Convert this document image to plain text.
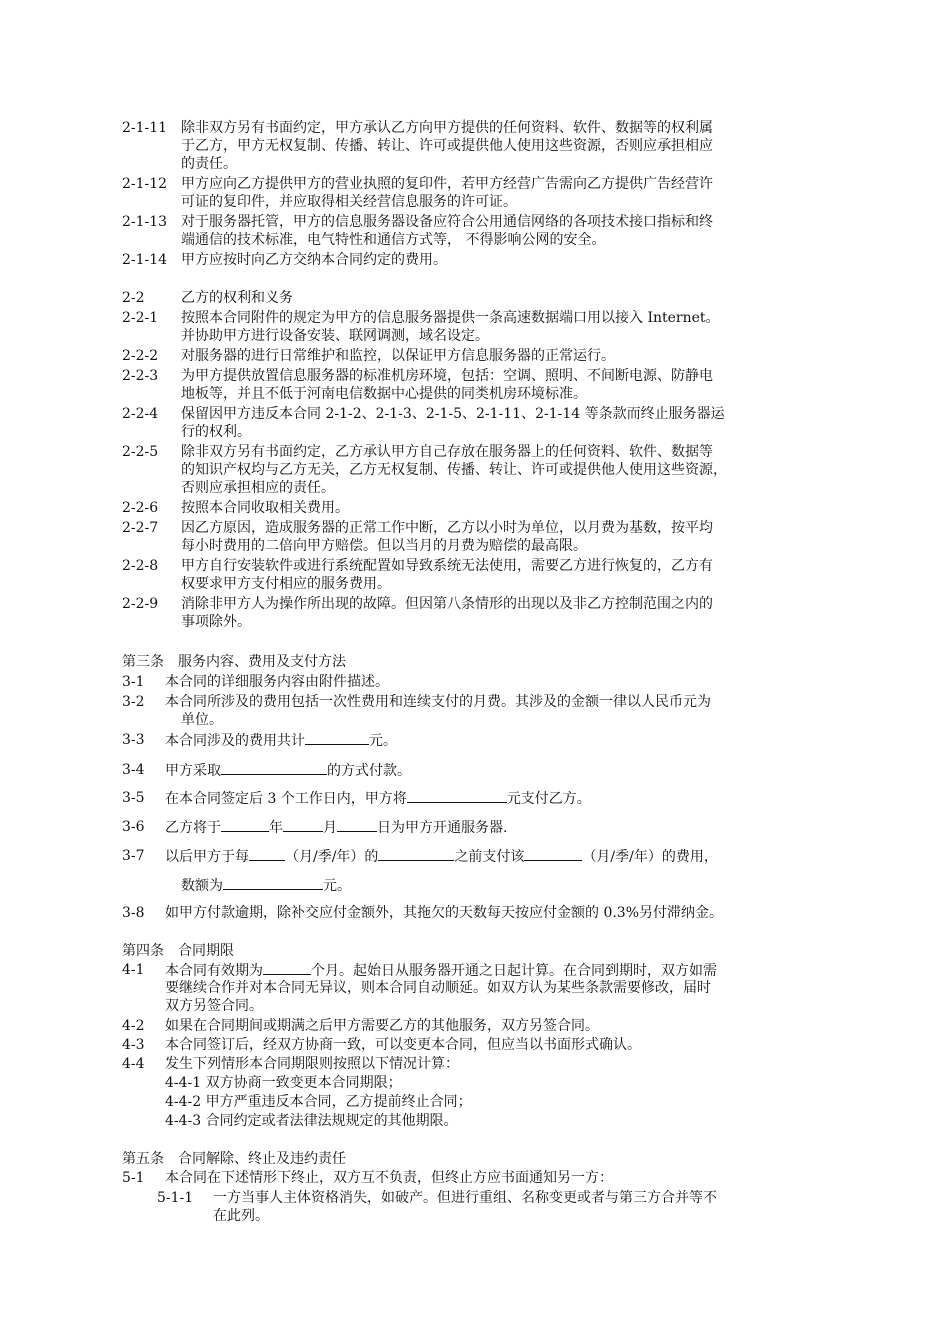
2-1-11 除非双方另有书面约定，甲方承认乙方向甲方提供的任何资料、软件、数据等的权利属
于乙方，甲方无权复制、传播、转让、许可或提供他人使用这些资源，否则应承担相应
的责任。
2-1-12 甲方应向乙方提供甲方的营业执照的复印件，若甲方经营广告需向乙方提供广告经营许
可证的复印件，并应取得相关经营信息服务的许可证。
2-1-13 对于服务器托管，甲方的信息服务器设备应符合公用通信网络的各项技术接口指标和终
端通信的技术标准，电气特性和通信方式等， 不得影响公网的安全。
2-1-14 甲方应按时向乙方交纳本合同约定的费用。
2-2	乙方的权利和义务
2-2-1 按照本合同附件的规定为甲方的信息服务器提供一条高速数据端口用以接入 Internet。
并协助甲方进行设备安装、联网调测，域名设定。
2-2-2 对服务器的进行日常维护和监控，以保证甲方信息服务器的正常运行。
2-2-3 为甲方提供放置信息服务器的标准机房环境，包括：空调、照明、不间断电源、防静电
地板等，并且不低于河南电信数据中心提供的同类机房环境标准。
2-2-4 保留因甲方违反本合同 2-1-2、2-1-3、2-1-5、2-1-11、2-1-14 等条款而终止服务器运
行的权利。
2-2-5 除非双方另有书面约定，乙方承认甲方自己存放在服务器上的任何资料、软件、数据等
的知识产权均与乙方无关，乙方无权复制、传播、转让、许可或提供他人使用这些资源，
否则应承担相应的责任。
2-2-6 按照本合同收取相关费用。
2-2-7 因乙方原因，造成服务器的正常工作中断，乙方以小时为单位，以月费为基数，按平均
每小时费用的二倍向甲方赔偿。但以当月的月费为赔偿的最高限。
2-2-8 甲方自行安装软件或进行系统配置如导致系统无法使用，需要乙方进行恢复的，乙方有
权要求甲方支付相应的服务费用。
2-2-9 消除非甲方人为操作所出现的故障。但因第八条情形的出现以及非乙方控制范围之内的
事项除外。
第三条　服务内容、费用及支付方法
3-1 本合同的详细服务内容由附件描述。
3-2 本合同所涉及的费用包括一次性费用和连续支付的月费。其涉及的金额一律以人民币元为
单位。
3-3 本合同涉及的费用共计	元。
3-4 甲方采取	的方式付款。
3-5 在本合同签定后 3 个工作日内，甲方将	元支付乙方。
3-6 乙方将于	年	月	日为甲方开通服务器.
3-7 以后甲方于每	（月/季/年）的	之前支付该	（月/季/年）的费用，
数额为	元。
3-8 如甲方付款逾期，除补交应付金额外，其拖欠的天数每天按应付金额的 0.3%另付滞纳金。
第四条　合同期限
4-1 本合同有效期为	个月。起始日从服务器开通之日起计算。在合同到期时，双方如需
要继续合作并对本合同无异议，则本合同自动顺延。如双方认为某些条款需要修改，届时
双方另签合同。
4-2 如果在合同期间或期满之后甲方需要乙方的其他服务，双方另签合同。
4-3 本合同签订后，经双方协商一致，可以变更本合同，但应当以书面形式确认。
4-4 发生下列情形本合同期限则按照以下情况计算：
4-4-1 双方协商一致变更本合同期限；
4-4-2 甲方严重违反本合同，乙方提前终止合同；
4-4-3 合同约定或者法律法规规定的其他期限。
第五条　合同解除、终止及违约责任
5-1 本合同在下述情形下终止，双方互不负责，但终止方应书面通知另一方：
5-1-1 一方当事人主体资格消失，如破产。但进行重组、名称变更或者与第三方合并等不
在此列。
